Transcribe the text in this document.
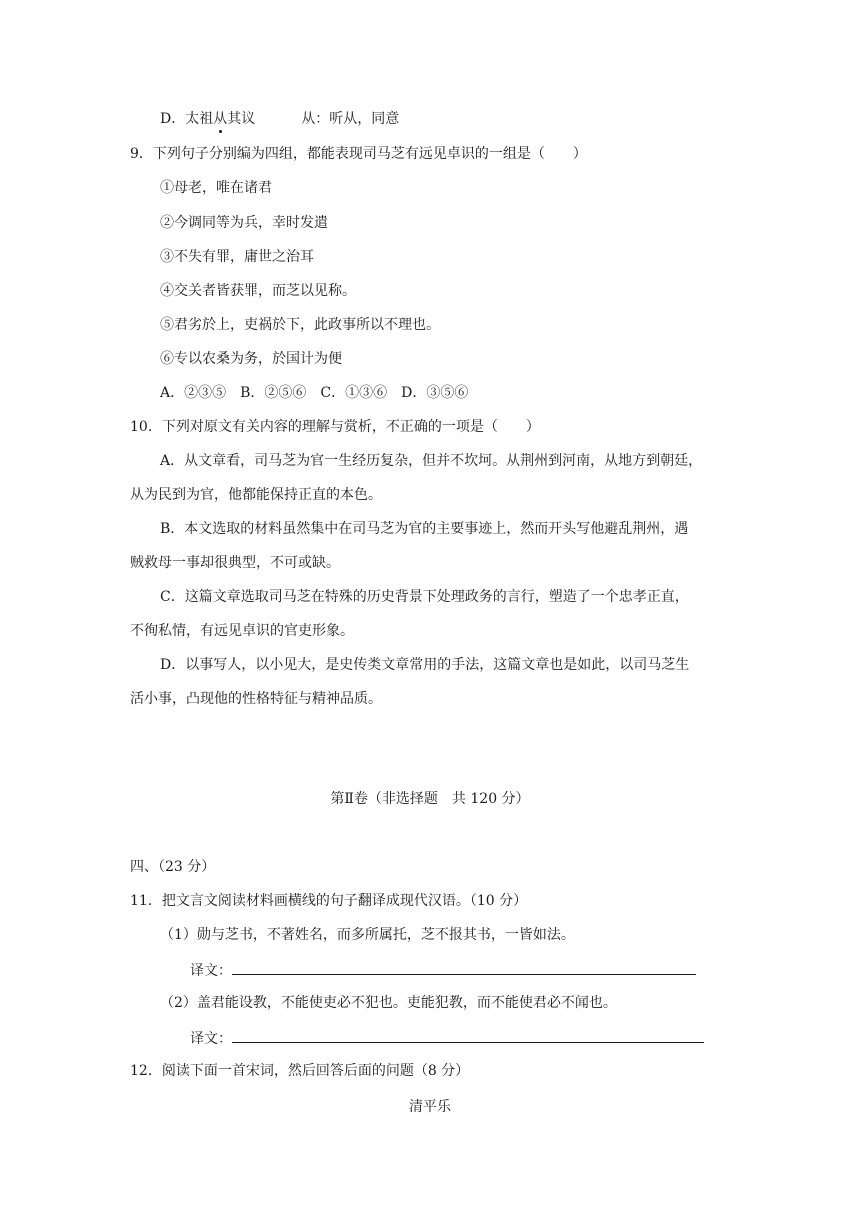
D．太祖从其议	从：听从，同意
9．下列句子分别编为四组，都能表现司马芝有远见卓识的一组是（　　）
①母老，唯在诸君
②今调同等为兵，幸时发遣
③不失有罪，庸世之治耳
④交关者皆获罪，而芝以见称。
⑤君劣於上，吏祸於下，此政事所以不理也。
⑥专以农桑为务，於国计为便
A．②③⑤　B．②⑤⑥　C．①③⑥　D．③⑤⑥
10．下列对原文有关内容的理解与赏析，不正确的一项是（　　）
A．从文章看，司马芝为官一生经历复杂，但并不坎坷。从荆州到河南，从地方到朝廷，
从为民到为官，他都能保持正直的本色。
B．本文选取的材料虽然集中在司马芝为官的主要事迹上，然而开头写他避乱荆州，遇
贼救母一事却很典型，不可或缺。
C．这篇文章选取司马芝在特殊的历史背景下处理政务的言行，塑造了一个忠孝正直，
不徇私情，有远见卓识的官吏形象。
D．以事写人，以小见大，是史传类文章常用的手法，这篇文章也是如此，以司马芝生
活小事，凸现他的性格特征与精神品质。
第Ⅱ卷（非选择题　共 120 分）
四、（23 分）
11．把文言文阅读材料画横线的句子翻译成现代汉语。（10 分）
（1）勋与芝书，不著姓名，而多所属托，芝不报其书，一皆如法。
译文：
（2）盖君能设教，不能使吏必不犯也。吏能犯教，而不能使君必不闻也。
译文：
12．阅读下面一首宋词，然后回答后面的问题（8 分）
清平乐
